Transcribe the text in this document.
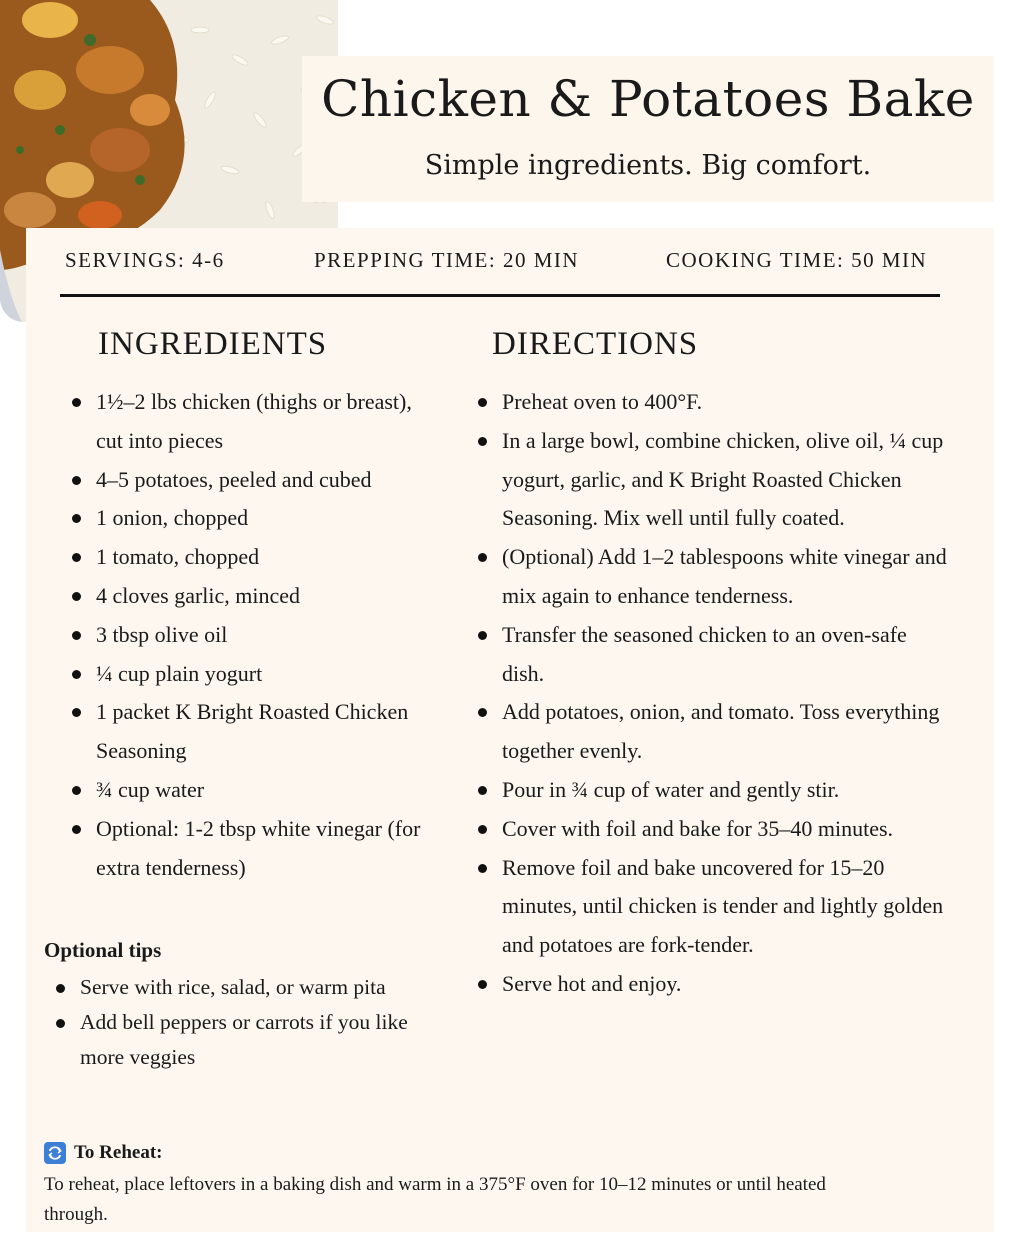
Chicken & Potatoes Bake
Simple ingredients. Big comfort.
SERVINGS: 4-6	PREPPING TIME: 20 MIN	COOKING TIME: 50 MIN
INGREDIENTS	DIRECTIONS
1½–2 lbs chicken (thighs or breast), cut into pieces
4–5 potatoes, peeled and cubed
1 onion, chopped
1 tomato, chopped
4 cloves garlic, minced
3 tbsp olive oil
¼ cup plain yogurt
1 packet K Bright Roasted Chicken Seasoning
¾ cup water
Optional: 1-2 tbsp white vinegar (for extra tenderness)
Preheat oven to 400°F.
In a large bowl, combine chicken, olive oil, ¼ cup yogurt, garlic, and K Bright Roasted Chicken Seasoning. Mix well until fully coated.
(Optional) Add 1–2 tablespoons white vinegar and mix again to enhance tenderness.
Transfer the seasoned chicken to an oven-safe dish.
Add potatoes, onion, and tomato. Toss everything together evenly.
Pour in ¾ cup of water and gently stir.
Cover with foil and bake for 35–40 minutes.
Remove foil and bake uncovered for 15–20 minutes, until chicken is tender and lightly golden and potatoes are fork-tender.
Serve hot and enjoy.
Optional tips
Serve with rice, salad, or warm pita
Add bell peppers or carrots if you like more veggies
To Reheat:
To reheat, place leftovers in a baking dish and warm in a 375°F oven for 10–12 minutes or until heated through.
